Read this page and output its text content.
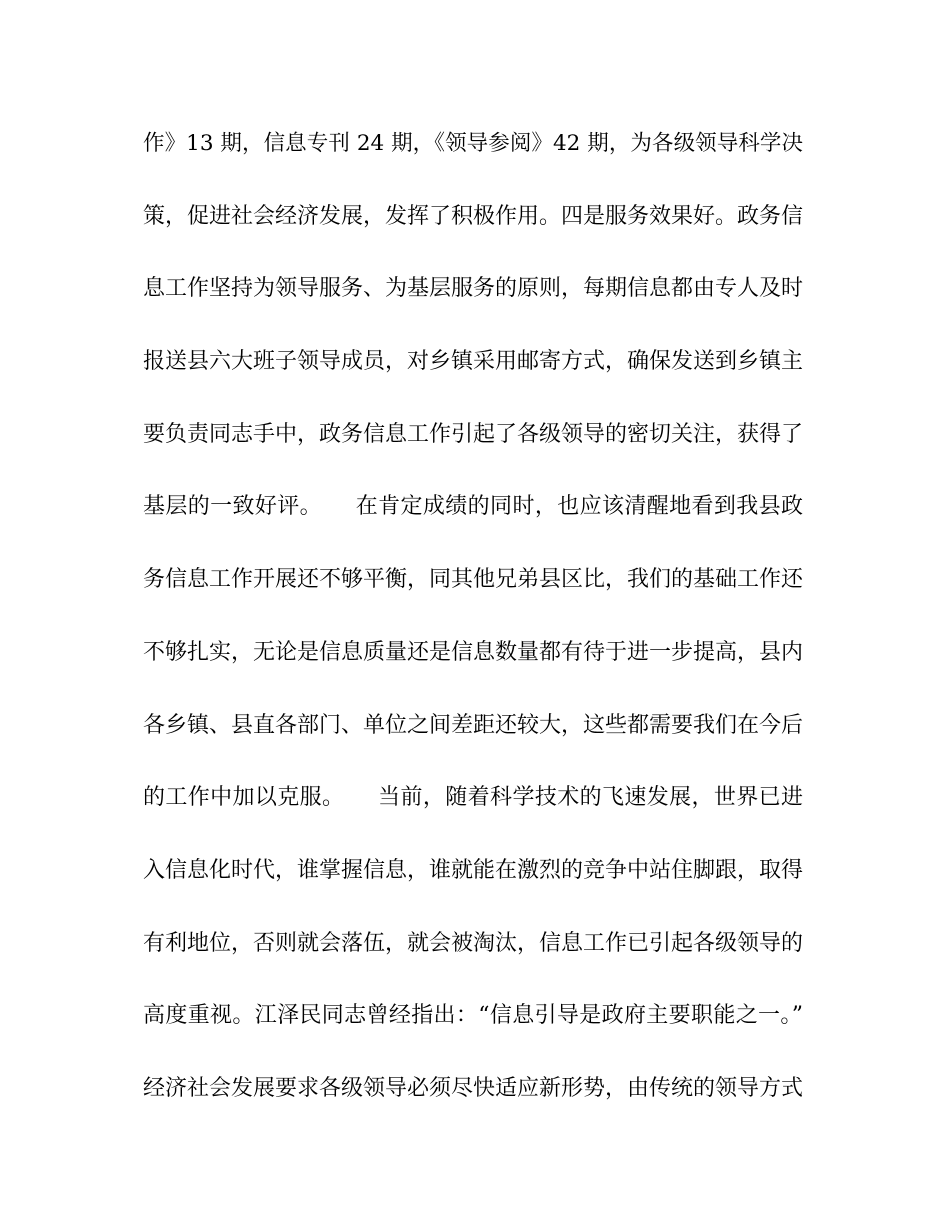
作》13 期，信息专刊 24 期，《领导参阅》42 期，为各级领导科学决
策，促进社会经济发展，发挥了积极作用。四是服务效果好。政务信
息工作坚持为领导服务、为基层服务的原则，每期信息都由专人及时
报送县六大班子领导成员，对乡镇采用邮寄方式，确保发送到乡镇主
要负责同志手中，政务信息工作引起了各级领导的密切关注，获得了
基层的一致好评。　　在肯定成绩的同时，也应该清醒地看到我县政
务信息工作开展还不够平衡，同其他兄弟县区比，我们的基础工作还
不够扎实，无论是信息质量还是信息数量都有待于进一步提高，县内
各乡镇、县直各部门、单位之间差距还较大，这些都需要我们在今后
的工作中加以克服。　　当前，随着科学技术的飞速发展，世界已进
入信息化时代，谁掌握信息，谁就能在激烈的竞争中站住脚跟，取得
有利地位，否则就会落伍，就会被淘汰，信息工作已引起各级领导的
高度重视。江泽民同志曾经指出：“信息引导是政府主要职能之一。”
经济社会发展要求各级领导必须尽快适应新形势，由传统的领导方式
